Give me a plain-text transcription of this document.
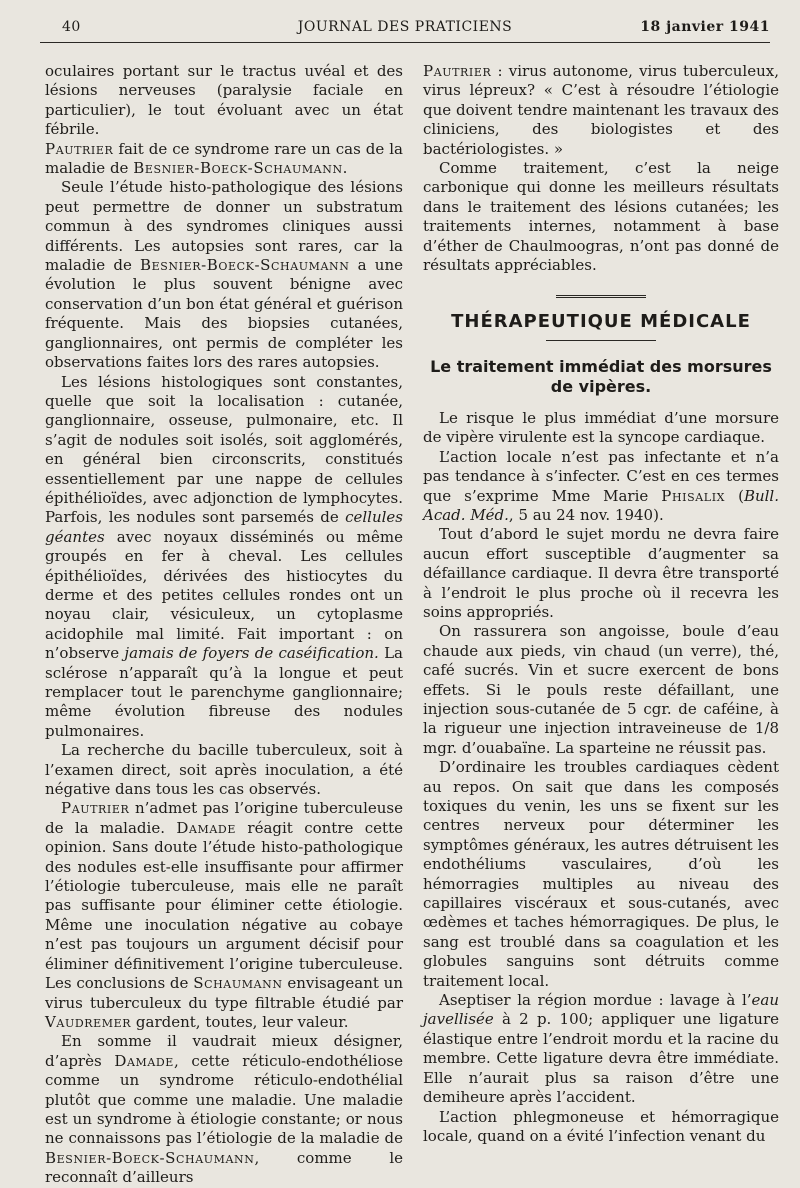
40	JOURNAL DES PRATICIENS	18 janvier 1941

oculaires portant sur le tractus uvéal et des lésions nerveuses (paralysie faciale en particulier), le tout évoluant avec un état fébrile.

Pautrier fait de ce syndrome rare un cas de la maladie de Besnier-Boeck-Schaumann.

Seule l’étude histo-pathologique des lésions peut permettre de donner un substratum commun à des syndromes cliniques aussi différents. Les autopsies sont rares, car la maladie de Besnier-Boeck-Schaumann a une évolution le plus souvent bénigne avec conservation d’un bon état général et guérison fréquente. Mais des biopsies cutanées, ganglionnaires, ont permis de compléter les observations faites lors des rares autopsies.

Les lésions histologiques sont constantes, quelle que soit la localisation : cutanée, ganglionnaire, osseuse, pulmonaire, etc. Il s’agit de nodules soit isolés, soit agglomérés, en général bien circonscrits, constitués essentiellement par une nappe de cellules épithélioïdes, avec adjonction de lymphocytes. Parfois, les nodules sont parsemés de cellules géantes avec noyaux disséminés ou même groupés en fer à cheval. Les cellules épithélioïdes, dérivées des histiocytes du derme et des petites cellules rondes ont un noyau clair, vésiculeux, un cytoplasme acidophile mal limité. Fait important : on n’observe jamais de foyers de caséification. La sclérose n’apparaît qu’à la longue et peut remplacer tout le parenchyme ganglionnaire; même évolution fibreuse des nodules pulmonaires.

La recherche du bacille tuberculeux, soit à l’examen direct, soit après inoculation, a été négative dans tous les cas observés.

Pautrier n’admet pas l’origine tuberculeuse de la maladie. Damade réagit contre cette opinion. Sans doute l’étude histo-pathologique des nodules est-elle insuffisante pour affirmer l’étiologie tuberculeuse, mais elle ne paraît pas suffisante pour éliminer cette étiologie. Même une inoculation négative au cobaye n’est pas toujours un argument décisif pour éliminer définitivement l’origine tuberculeuse. Les conclusions de Schaumann envisageant un virus tuberculeux du type filtrable étudié par Vaudremer gardent, toutes, leur valeur.

En somme il vaudrait mieux désigner, d’après Damade, cette réticulo-endothéliose comme un syndrome réticulo-endothélial plutôt que comme une maladie. Une maladie est un syndrome à étiologie constante; or nous ne connaissons pas l’étiologie de la maladie de Besnier-Boeck-Schaumann, comme le reconnaît d’ailleurs

Pautrier : virus autonome, virus tuberculeux, virus lépreux? « C’est à résoudre l’étiologie que doivent tendre maintenant les travaux des cliniciens, des biologistes et des bactériologistes. »

Comme traitement, c’est la neige carbonique qui donne les meilleurs résultats dans le traitement des lésions cutanées; les traitements internes, notamment à base d’éther de Chaulmoogras, n’ont pas donné de résultats appréciables.

THÉRAPEUTIQUE MÉDICALE
Le traitement immédiat des morsures de vipères.

Le risque le plus immédiat d’une morsure de vipère virulente est la syncope cardiaque.

L’action locale n’est pas infectante et n’a pas tendance à s’infecter. C’est en ces termes que s’exprime Mme Marie Phisalix (Bull. Acad. Méd., 5 au 24 nov. 1940).

Tout d’abord le sujet mordu ne devra faire aucun effort susceptible d’augmenter sa défaillance cardiaque. Il devra être transporté à l’endroit le plus proche où il recevra les soins appropriés.

On rassurera son angoisse, boule d’eau chaude aux pieds, vin chaud (un verre), thé, café sucrés. Vin et sucre exercent de bons effets. Si le pouls reste défaillant, une injection sous-cutanée de 5 cgr. de caféine, à la rigueur une injection intraveineuse de 1/8 mgr. d’ouabaïne. La sparteine ne réussit pas.

D’ordinaire les troubles cardiaques cèdent au repos. On sait que dans les composés toxiques du venin, les uns se fixent sur les centres nerveux pour déterminer les symptômes généraux, les autres détruisent les endothéliums vasculaires, d’où les hémorragies multiples au niveau des capillaires viscéraux et sous-cutanés, avec œdèmes et taches hémorragiques. De plus, le sang est troublé dans sa coagulation et les globules sanguins sont détruits comme traitement local.

Aseptiser la région mordue : lavage à l’eau javellisée à 2 p. 100; appliquer une ligature élastique entre l’endroit mordu et la racine du membre. Cette ligature devra être immédiate. Elle n’aurait plus sa raison d’être une demiheure après l’accident.

L’action phlegmoneuse et hémorragique locale, quand on a évité l’infection venant du
